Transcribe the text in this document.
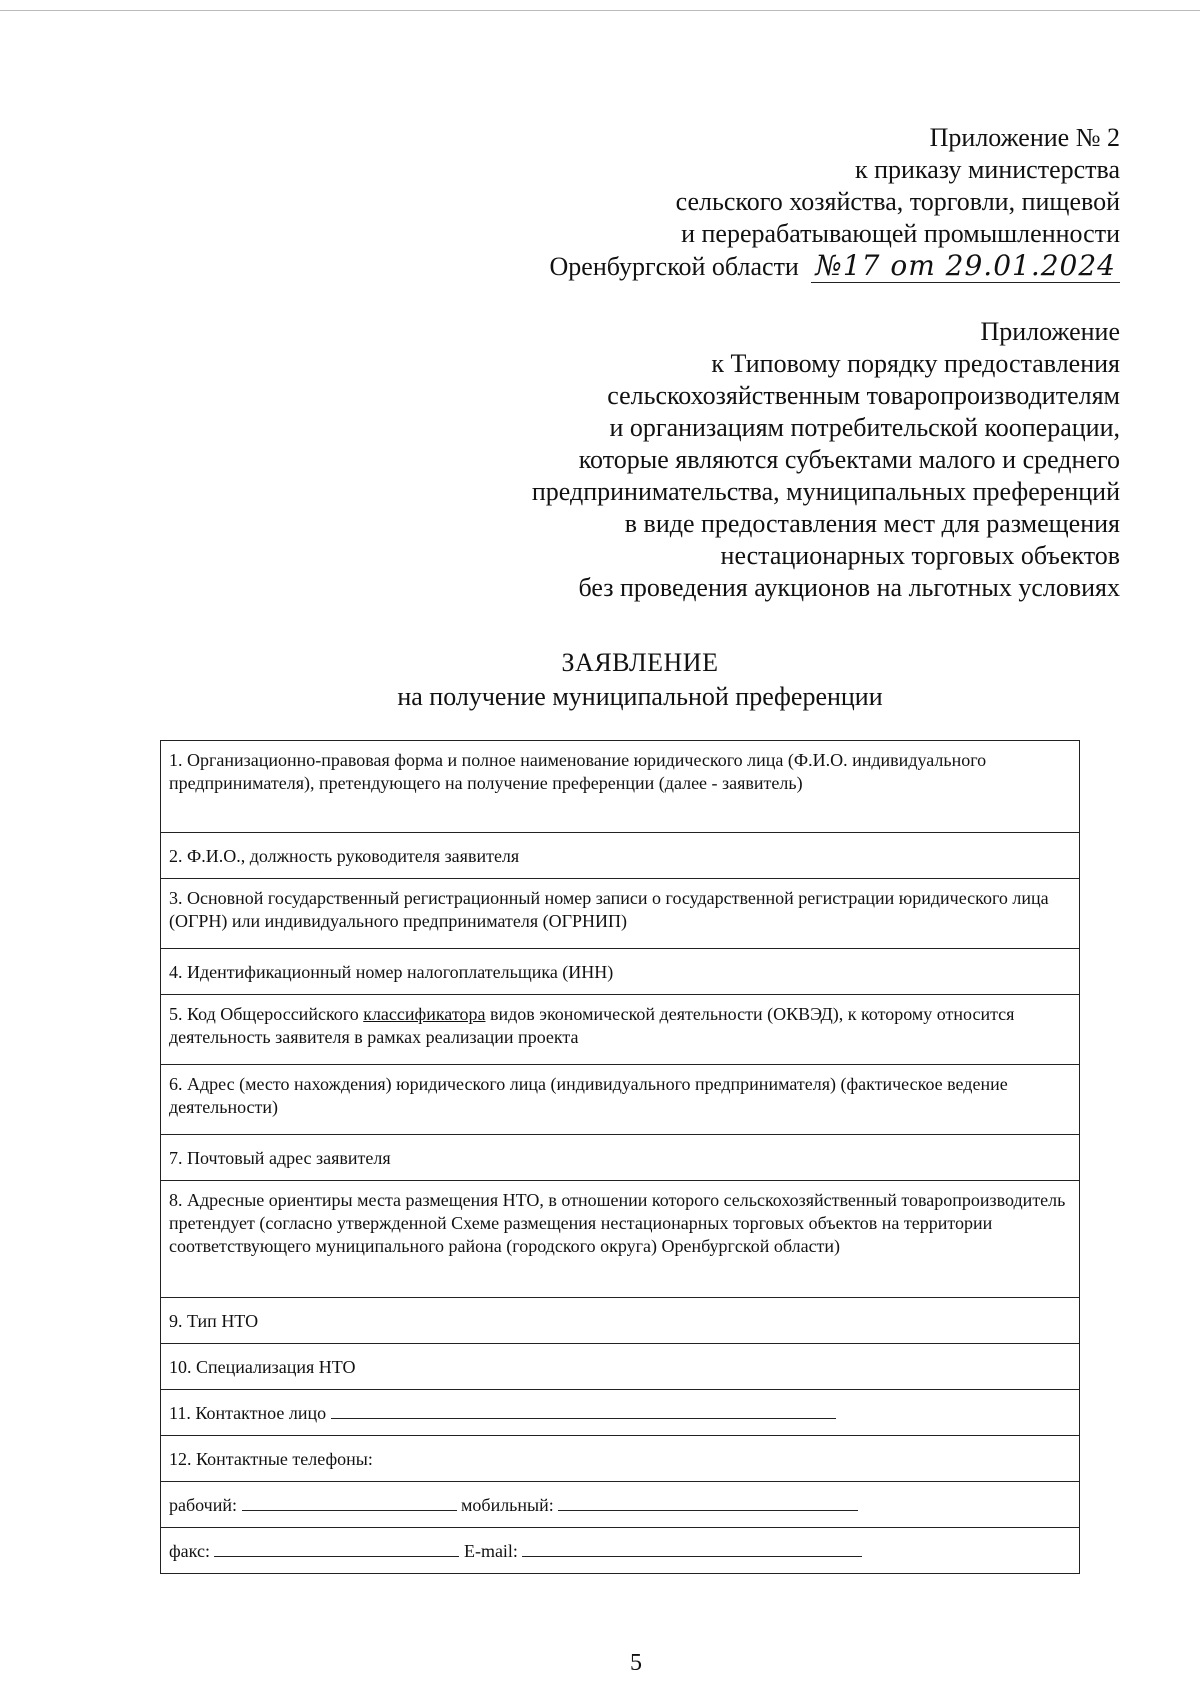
Приложение № 2
к приказу министерства
сельского хозяйства, торговли, пищевой
и перерабатывающей промышленности
Оренбургской области №17 от 29.01.2024
Приложение
к Типовому порядку предоставления
сельскохозяйственным товаропроизводителям
и организациям потребительской кооперации,
которые являются субъектами малого и среднего
предпринимательства, муниципальных преференций
в виде предоставления мест для размещения
нестационарных торговых объектов
без проведения аукционов на льготных условиях
ЗАЯВЛЕНИЕ
на получение муниципальной преференции
1. Организационно-правовая форма и полное наименование юридического лица (Ф.И.О. индивидуального предпринимателя), претендующего на получение преференции (далее - заявитель)
2. Ф.И.О., должность руководителя заявителя
3. Основной государственный регистрационный номер записи о государственной регистрации юридического лица (ОГРН) или индивидуального предпринимателя (ОГРНИП)
4. Идентификационный номер налогоплательщика (ИНН)
5. Код Общероссийского классификатора видов экономической деятельности (ОКВЭД), к которому относится деятельность заявителя в рамках реализации проекта
6. Адрес (место нахождения) юридического лица (индивидуального предпринимателя) (фактическое ведение деятельности)
7. Почтовый адрес заявителя
8. Адресные ориентиры места размещения НТО, в отношении которого сельскохозяйственный товаропроизводитель претендует (согласно утвержденной Схеме размещения нестационарных торговых объектов на территории соответствующего муниципального района (городского округа) Оренбургской области)
9. Тип НТО
10. Специализация НТО
11. Контактное лицо
12. Контактные телефоны:
рабочий:	мобильный:
факс:	E-mail:
5
